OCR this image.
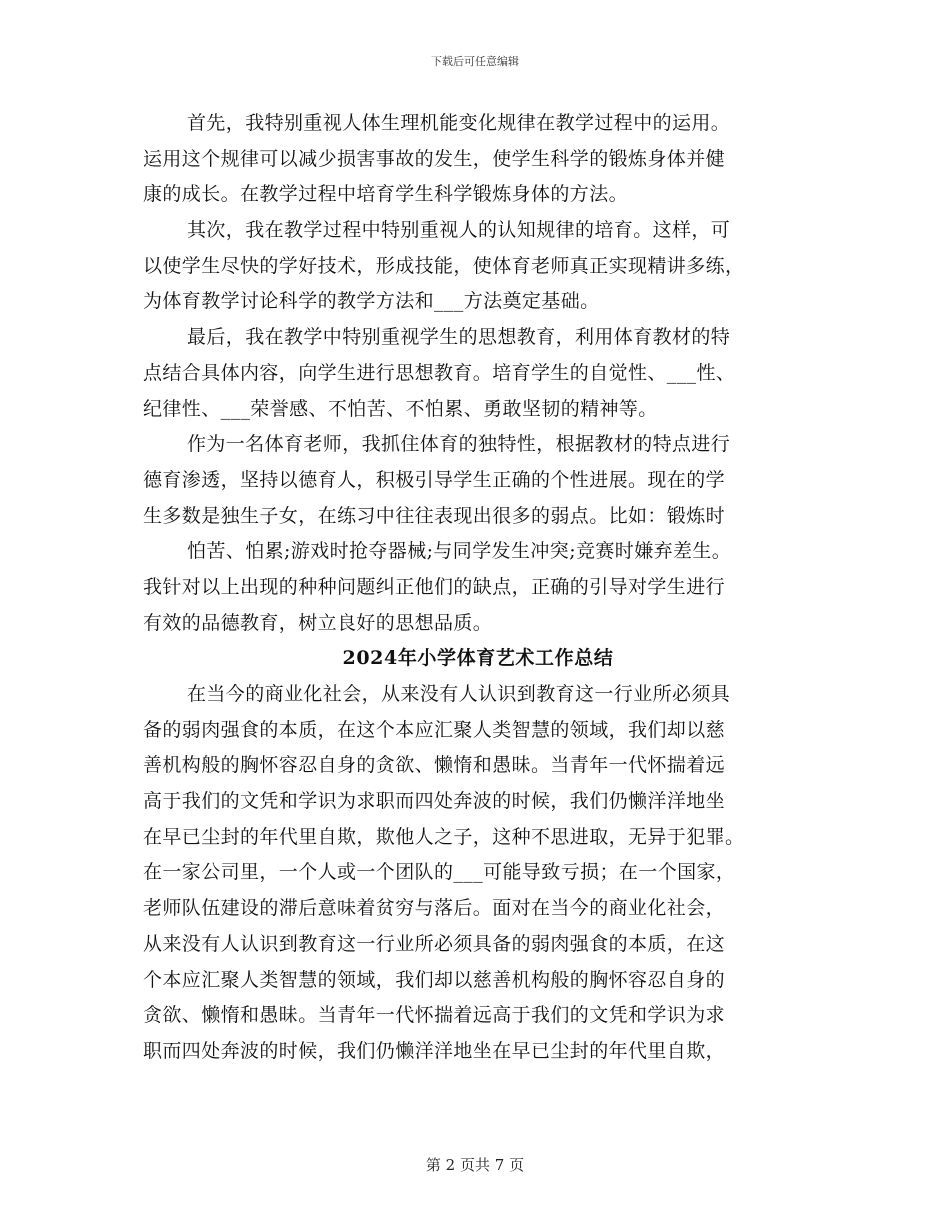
下载后可任意编辑
首先，我特别重视人体生理机能变化规律在教学过程中的运用。
运用这个规律可以减少损害事故的发生，使学生科学的锻炼身体并健
康的成长。在教学过程中培育学生科学锻炼身体的方法。
其次，我在教学过程中特别重视人的认知规律的培育。这样，可
以使学生尽快的学好技术，形成技能，使体育老师真正实现精讲多练，
为体育教学讨论科学的教学方法和___方法奠定基础。
最后，我在教学中特别重视学生的思想教育，利用体育教材的特
点结合具体内容，向学生进行思想教育。培育学生的自觉性、___性、
纪律性、___荣誉感、不怕苦、不怕累、勇敢坚韧的精神等。
作为一名体育老师，我抓住体育的独特性，根据教材的特点进行
德育渗透，坚持以德育人，积极引导学生正确的个性进展。现在的学
生多数是独生子女，在练习中往往表现出很多的弱点。比如：锻炼时
怕苦、怕累;游戏时抢夺器械;与同学发生冲突;竞赛时嫌弃差生。
我针对以上出现的种种问题纠正他们的缺点，正确的引导对学生进行
有效的品德教育，树立良好的思想品质。
2024年小学体育艺术工作总结
在当今的商业化社会，从来没有人认识到教育这一行业所必须具
备的弱肉强食的本质，在这个本应汇聚人类智慧的领域，我们却以慈
善机构般的胸怀容忍自身的贪欲、懒惰和愚昧。当青年一代怀揣着远
高于我们的文凭和学识为求职而四处奔波的时候，我们仍懒洋洋地坐
在早已尘封的年代里自欺，欺他人之子，这种不思进取，无异于犯罪。
在一家公司里，一个人或一个团队的___可能导致亏损；在一个国家，
老师队伍建设的滞后意味着贫穷与落后。面对在当今的商业化社会，
从来没有人认识到教育这一行业所必须具备的弱肉强食的本质，在这
个本应汇聚人类智慧的领域，我们却以慈善机构般的胸怀容忍自身的
贪欲、懒惰和愚昧。当青年一代怀揣着远高于我们的文凭和学识为求
职而四处奔波的时候，我们仍懒洋洋地坐在早已尘封的年代里自欺，
第 2 页共 7 页
